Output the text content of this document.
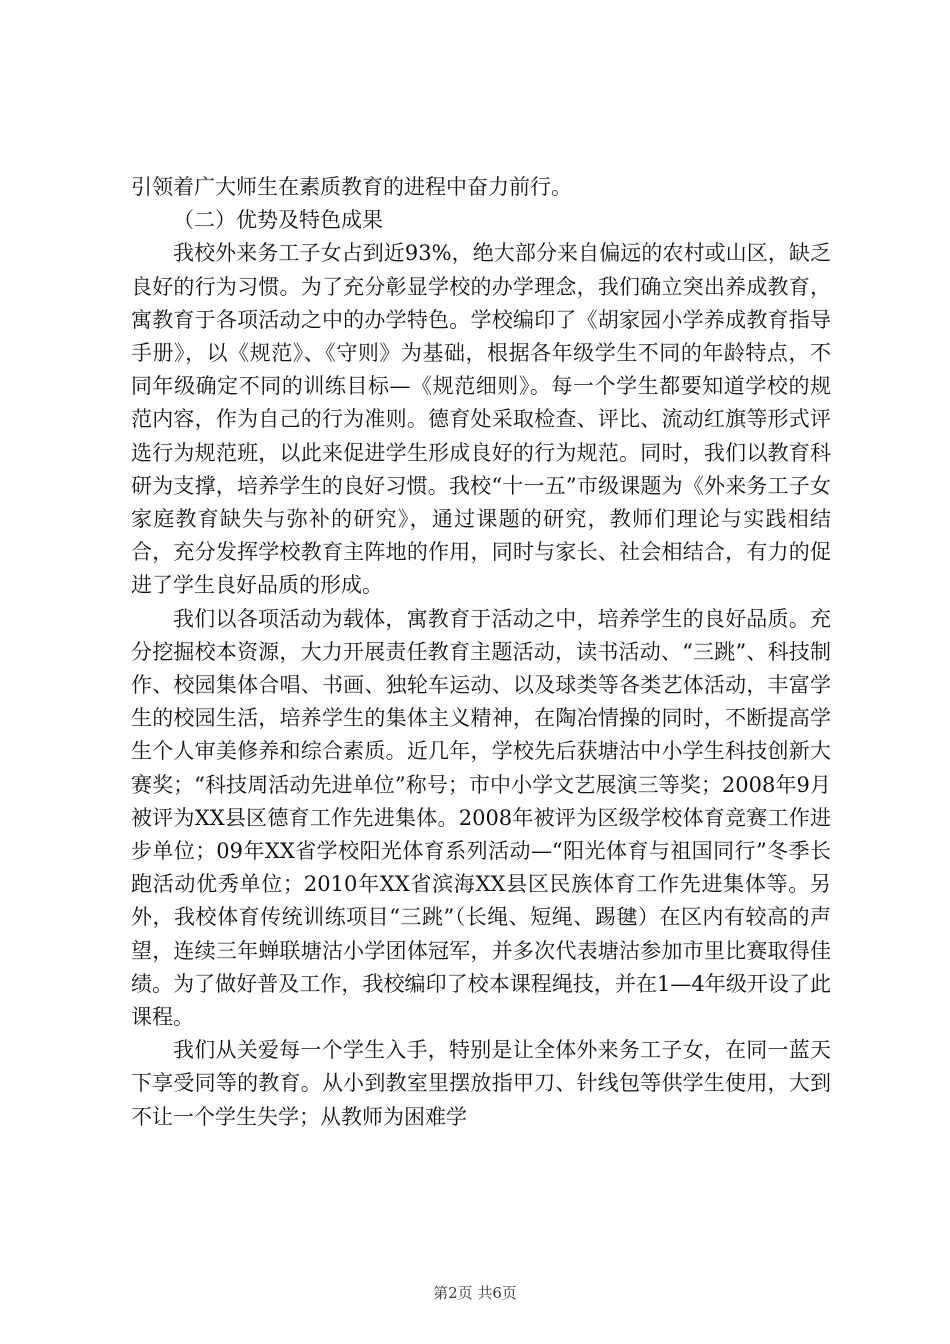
引领着广大师生在素质教育的进程中奋力前行。

（二）优势及特色成果

我校外来务工子女占到近93%，绝大部分来自偏远的农村或山区，缺乏良好的行为习惯。为了充分彰显学校的办学理念，我们确立突出养成教育，寓教育于各项活动之中的办学特色。学校编印了《胡家园小学养成教育指导手册》，以《规范》、《守则》为基础，根据各年级学生不同的年龄特点，不同年级确定不同的训练目标—《规范细则》。每一个学生都要知道学校的规范内容，作为自己的行为准则。德育处采取检查、评比、流动红旗等形式评选行为规范班，以此来促进学生形成良好的行为规范。同时，我们以教育科研为支撑，培养学生的良好习惯。我校“十一五”市级课题为《外来务工子女家庭教育缺失与弥补的研究》，通过课题的研究，教师们理论与实践相结合，充分发挥学校教育主阵地的作用，同时与家长、社会相结合，有力的促进了学生良好品质的形成。

我们以各项活动为载体，寓教育于活动之中，培养学生的良好品质。充分挖掘校本资源，大力开展责任教育主题活动，读书活动、“三跳”、科技制作、校园集体合唱、书画、独轮车运动、以及球类等各类艺体活动，丰富学生的校园生活，培养学生的集体主义精神，在陶冶情操的同时，不断提高学生个人审美修养和综合素质。近几年，学校先后获塘沽中小学生科技创新大赛奖；“科技周活动先进单位”称号；市中小学文艺展演三等奖；2008年9月被评为XX县区德育工作先进集体。2008年被评为区级学校体育竞赛工作进步单位；09年XX省学校阳光体育系列活动—“阳光体育与祖国同行”冬季长跑活动优秀单位；2010年XX省滨海XX县区民族体育工作先进集体等。另外，我校体育传统训练项目“三跳”（长绳、短绳、踢毽）在区内有较高的声望，连续三年蝉联塘沽小学团体冠军，并多次代表塘沽参加市里比赛取得佳绩。为了做好普及工作，我校编印了校本课程绳技，并在1—4年级开设了此课程。

我们从关爱每一个学生入手，特别是让全体外来务工子女，在同一蓝天下享受同等的教育。从小到教室里摆放指甲刀、针线包等供学生使用，大到不让一个学生失学；从教师为困难学

第2页 共6页
